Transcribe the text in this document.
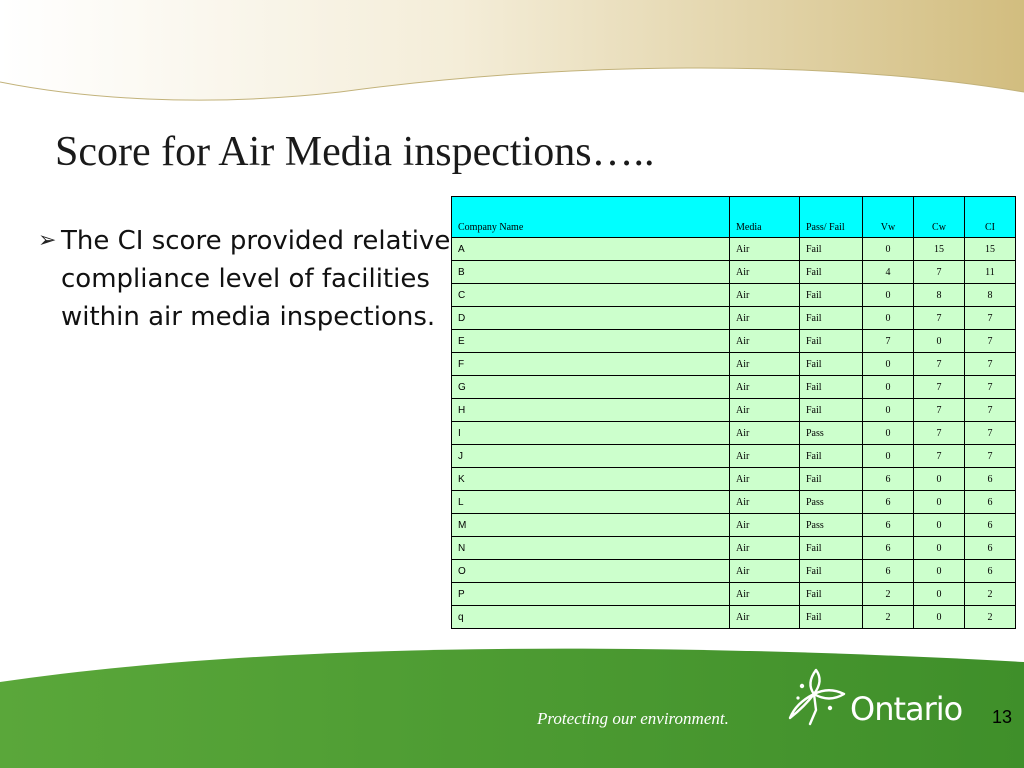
Score for Air Media inspections…..
➢ The CI score provided relative compliance level of facilities within air media inspections.
Company Name	Media	Pass/ Fail	Vw	Cw	CI
A	Air	Fail	0	15	15
B	Air	Fail	4	7	11
C	Air	Fail	0	8	8
D	Air	Fail	0	7	7
E	Air	Fail	7	0	7
F	Air	Fail	0	7	7
G	Air	Fail	0	7	7
H	Air	Fail	0	7	7
I	Air	Pass	0	7	7
J	Air	Fail	0	7	7
K	Air	Fail	6	0	6
L	Air	Pass	6	0	6
M	Air	Pass	6	0	6
N	Air	Fail	6	0	6
O	Air	Fail	6	0	6
P	Air	Fail	2	0	2
q	Air	Fail	2	0	2
Protecting our environment.	Ontario 13
